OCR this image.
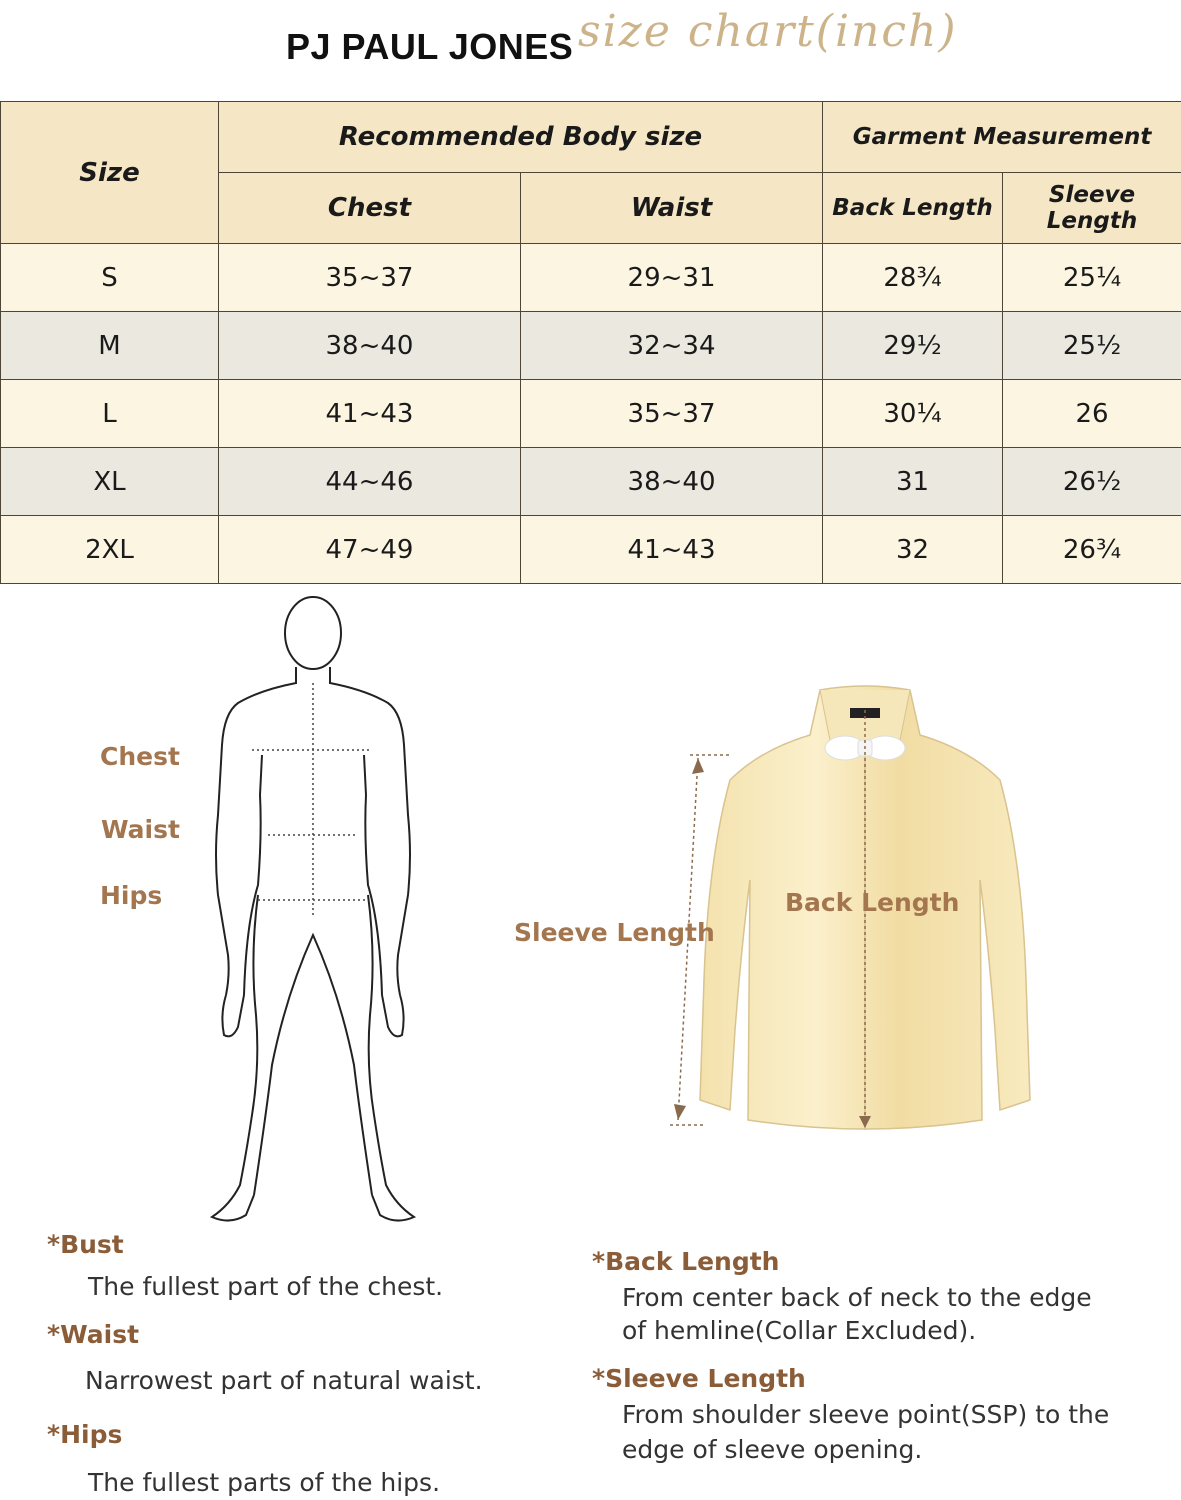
PJ PAUL JONES size chart(inch)
Size	Recommended Body size		Garment Measurement	
	Chest	Waist	Back Length	Sleeve Length
S	35~37	29~31	28¾	25¼
M	38~40	32~34	29½	25½
L	41~43	35~37	30¼	26
XL	44~46	38~40	31	26½
2XL	47~49	41~43	32	26¾
Chest
Waist
Hips	Back Length
Sleeve Length
*Bust
The fullest part of the chest.
*Waist
Narrowest part of natural waist.
*Hips
The fullest parts of the hips.
*Back Length
From center back of neck to the edge
of hemline(Collar Excluded).
*Sleeve Length
From shoulder sleeve point(SSP) to the
edge of sleeve opening.
